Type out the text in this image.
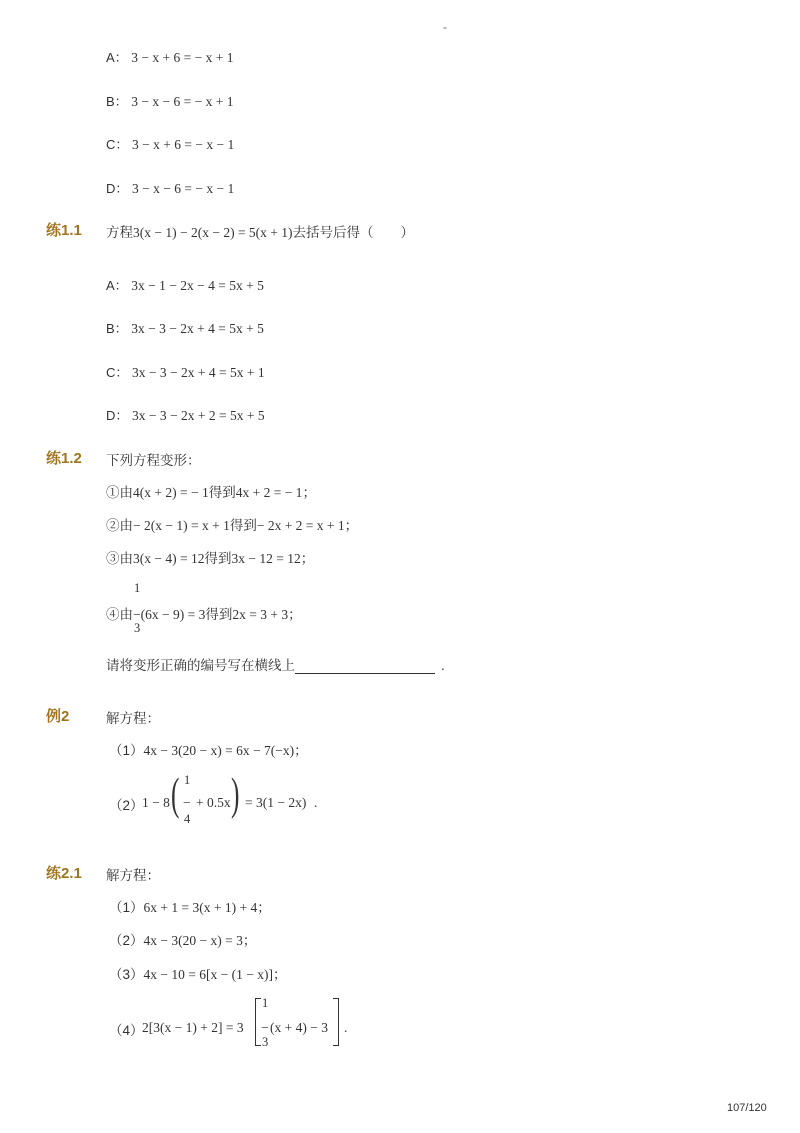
-
A： 3 − x + 6 = − x + 1
B： 3 − x − 6 = − x + 1
C： 3 − x + 6 = − x − 1
D： 3 − x − 6 = − x − 1
练1.1 方程3(x − 1) − 2(x − 2) = 5(x + 1)去括号后得（　　）
A： 3x − 1 − 2x − 4 = 5x + 5
B： 3x − 3 − 2x + 4 = 5x + 5
C： 3x − 3 − 2x + 4 = 5x + 1
D： 3x − 3 − 2x + 2 = 5x + 5
练1.2 下列方程变形：
①由4(x + 2) = − 1得到4x + 2 = − 1；
②由− 2(x − 1) = x + 1得到− 2x + 2 = x + 1；
③由3(x − 4) = 12得到3x − 12 = 12；
1
3
④由−(6x − 9) = 3得到2x = 3 + 3；
请将变形正确的编号写在横线上	.
例2	解方程：
（1）4x − 3(20 − x) = 6x − 7(−x)；
（2）
1 − 8 ( 1
−
4
+ 0.5x ) = 3(1 − 2x) .
练2.1 解方程：
（1）6x + 1 = 3(x + 1) + 4；
（2）4x − 3(20 − x) = 3；
（3）4x − 10 = 6[x − (1 − x)]；
（4）
2[3(x − 1) + 2] = 3
1
−
3
(x + 4) − 3 .
107/120
